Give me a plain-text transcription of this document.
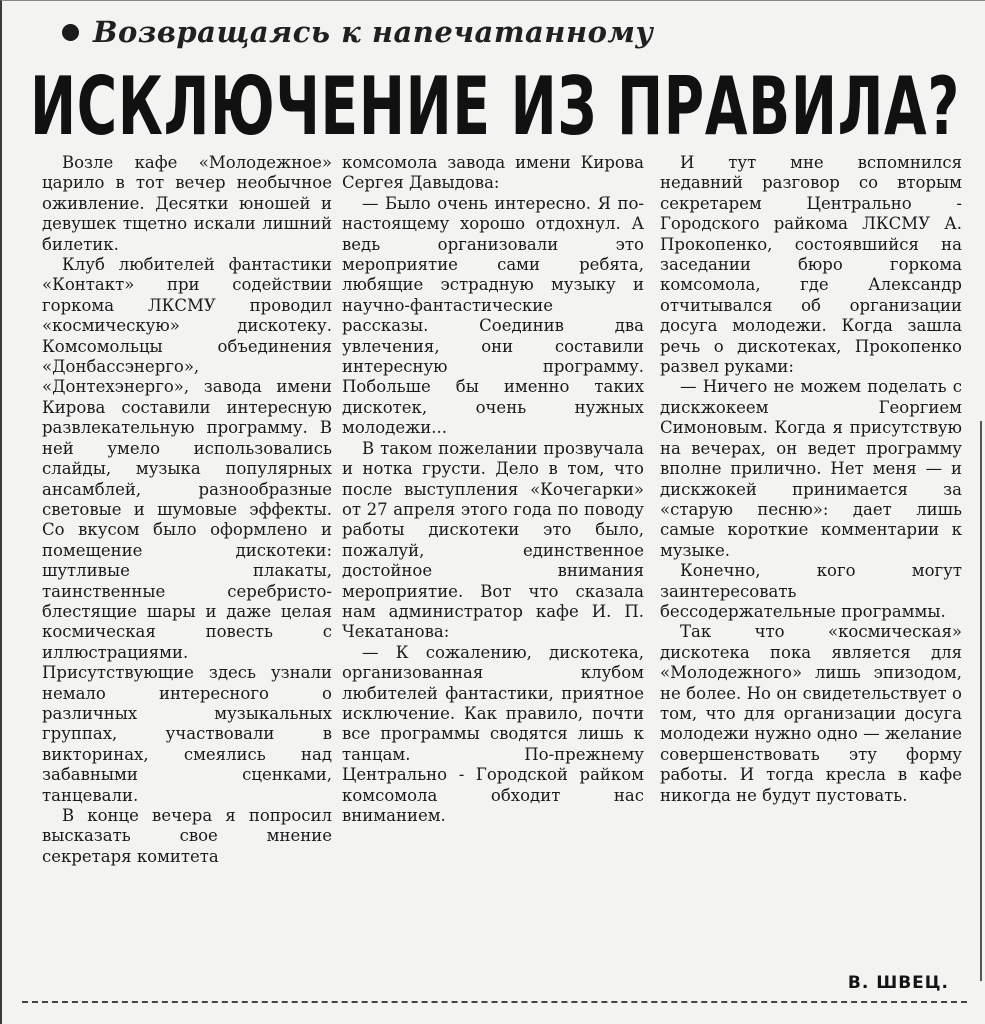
Возвращаясь к напечатанному
ИСКЛЮЧЕНИЕ ИЗ ПРАВИЛА?

Возле кафе «Молодежное» царило в тот вечер необычное оживление. Десятки юношей и девушек тщетно искали лишний билетик.

Клуб любителей фантастики «Контакт» при содействии горкома ЛКСМУ проводил «космическую» дискотеку. Комсомольцы объединения «Донбассэнерго», «Донтехэнерго», завода имени Кирова составили интересную развлекательную программу. В ней умело использовались слайды, музыка популярных ансамблей, разнообразные световые и шумовые эффекты. Со вкусом было оформлено и помещение дискотеки: шутливые плакаты, таинственные серебристо-блестящие шары и даже целая космическая повесть с иллюстрациями. Присутствующие здесь узнали немало интересного о различных музыкальных группах, участвовали в викторинах, смеялись над забавными сценками, танцевали.

В конце вечера я попросил высказать свое мнение секретаря комитета

комсомола завода имени Кирова Сергея Давыдова:

— Было очень интересно. Я по-настоящему хорошо отдохнул. А ведь организовали это мероприятие сами ребята, любящие эстрадную музыку и научно-фантастические рассказы. Соединив два увлечения, они составили интересную программу. Побольше бы именно таких дискотек, очень нужных молодежи...

В таком пожелании прозвучала и нотка грусти. Дело в том, что после выступления «Кочегарки» от 27 апреля этого года по поводу работы дискотеки это было, пожалуй, единственное достойное внимания мероприятие. Вот что сказала нам администратор кафе И. П. Чекатанова:

— К сожалению, дискотека, организованная клубом любителей фантастики, приятное исключение. Как правило, почти все программы сводятся лишь к танцам. По-прежнему Центрально - Городской райком комсомола обходит нас вниманием.

И тут мне вспомнился недавний разговор со вторым секретарем Центрально - Городского райкома ЛКСМУ А. Прокопенко, состоявшийся на заседании бюро горкома комсомола, где Александр отчитывался об организации досуга молодежи. Когда зашла речь о дискотеках, Прокопенко развел руками:

— Ничего не можем поделать с дискжокеем Георгием Симоновым. Когда я присутствую на вечерах, он ведет программу вполне прилично. Нет меня — и дискжокей принимается за «старую песню»: дает лишь самые короткие комментарии к музыке.

Конечно, кого могут заинтересовать бессодержательные программы.

Так что «космическая» дискотека пока является для «Молодежного» лишь эпизодом, не более. Но он свидетельствует о том, что для организации досуга молодежи нужно одно — желание совершенствовать эту форму работы. И тогда кресла в кафе никогда не будут пустовать.

В. ШВЕЦ.
